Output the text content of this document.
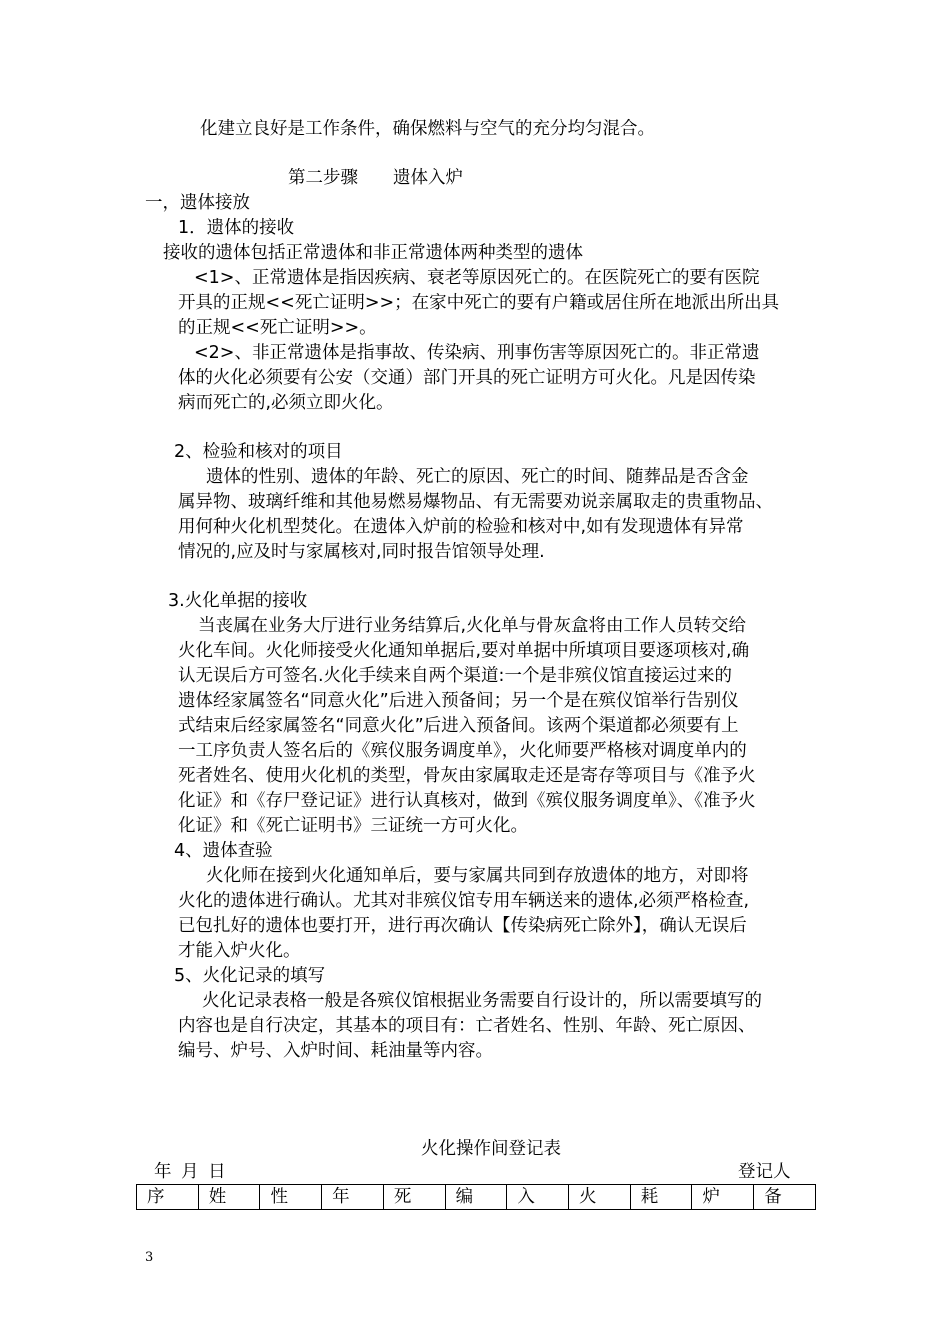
化建立良好是工作条件，确保燃料与空气的充分均匀混合。
第二步骤　　遗体入炉
一，遗体接放
1．遗体的接收
接收的遗体包括正常遗体和非正常遗体两种类型的遗体
<1>、正常遗体是指因疾病、衰老等原因死亡的。在医院死亡的要有医院
开具的正规<<死亡证明>>；在家中死亡的要有户籍或居住所在地派出所出具
的正规<<死亡证明>>。
<2>、非正常遗体是指事故、传染病、刑事伤害等原因死亡的。非正常遗
体的火化必须要有公安（交通）部门开具的死亡证明方可火化。凡是因传染
病而死亡的,必须立即火化。
2、检验和核对的项目
遗体的性别、遗体的年龄、死亡的原因、死亡的时间、随葬品是否含金
属异物、玻璃纤维和其他易燃易爆物品、有无需要劝说亲属取走的贵重物品、
用何种火化机型焚化。在遗体入炉前的检验和核对中,如有发现遗体有异常
情况的,应及时与家属核对,同时报告馆领导处理.
3.火化单据的接收
当丧属在业务大厅进行业务结算后,火化单与骨灰盒将由工作人员转交给
火化车间。火化师接受火化通知单据后,要对单据中所填项目要逐项核对,确
认无误后方可签名.火化手续来自两个渠道:一个是非殡仪馆直接运过来的
遗体经家属签名“同意火化”后进入预备间；另一个是在殡仪馆举行告别仪
式结束后经家属签名“同意火化”后进入预备间。该两个渠道都必须要有上
一工序负责人签名后的《殡仪服务调度单》，火化师要严格核对调度单内的
死者姓名、使用火化机的类型，骨灰由家属取走还是寄存等项目与《准予火
化证》和《存尸登记证》进行认真核对，做到《殡仪服务调度单》、《准予火
化证》和《死亡证明书》三证统一方可火化。
4、遗体查验
火化师在接到火化通知单后，要与家属共同到存放遗体的地方，对即将
火化的遗体进行确认。尤其对非殡仪馆专用车辆送来的遗体,必须严格检查,
已包扎好的遗体也要打开，进行再次确认【传染病死亡除外】，确认无误后
才能入炉火化。
5、火化记录的填写
火化记录表格一般是各殡仪馆根据业务需要自行设计的，所以需要填写的
内容也是自行决定，其基本的项目有：亡者姓名、性别、年龄、死亡原因、
编号、炉号、入炉时间、耗油量等内容。
火化操作间登记表
年 月 日	登记人
序	姓	性	年	死	编	入	火	耗	炉	备
3
